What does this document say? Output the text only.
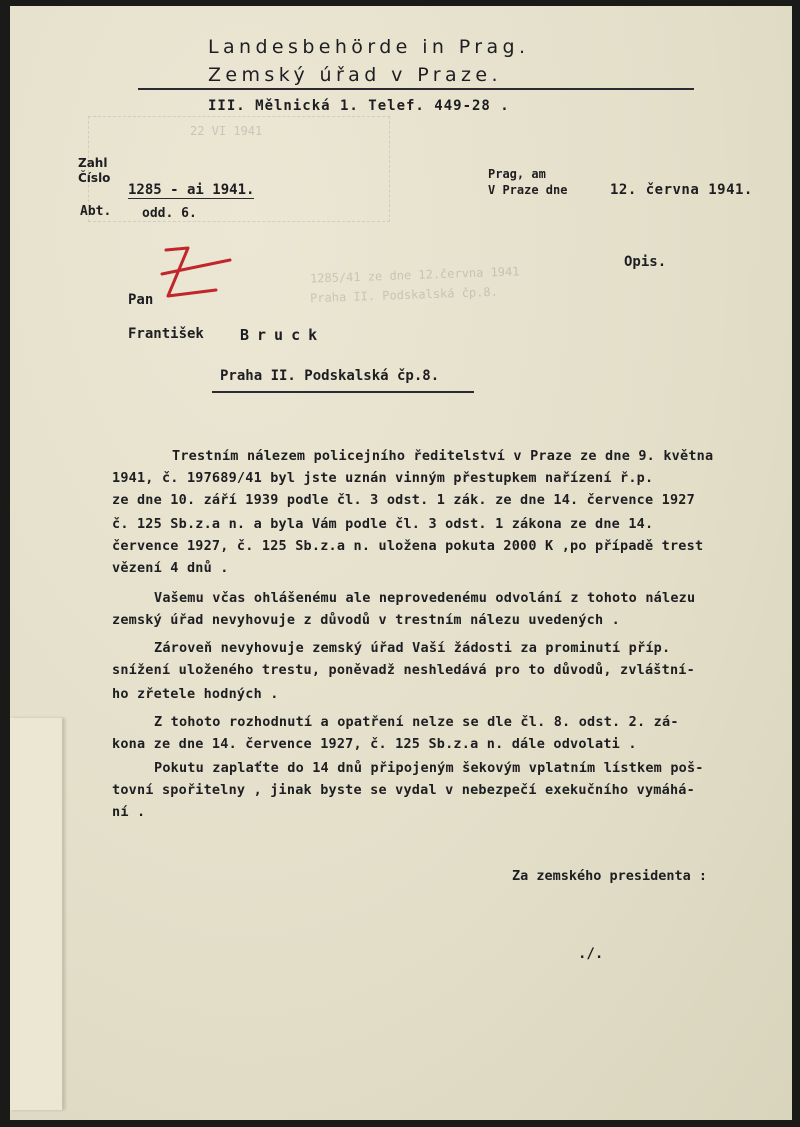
22 VI 1941
1285/41 ze dne 12.června 1941
Praha II. Podskalská čp.8.
Landesbehörde in Prag.
Zemský úřad v Praze.
III. Mělnická 1. Telef. 449-28 .
Zahl
Číslo
1285 - ai 1941.
Abt. odd. 6.
Prag, am
V Praze dne	12. června 1941.
Opis.
Pan
František Bruck
Praha II. Podskalská čp.8.
Trestním nálezem policejního ředitelství v Praze ze dne 9. května
1941, č. 197689/41 byl jste uznán vinným přestupkem nařízení ř.p.
ze dne 10. září 1939 podle čl. 3 odst. 1 zák. ze dne 14. července 1927
č. 125 Sb.z.a n. a byla Vám podle čl. 3 odst. 1 zákona ze dne 14.
července 1927, č. 125 Sb.z.a n. uložena pokuta 2000 K ,po případě trest
vězení 4 dnů .
Vašemu včas ohlášenému ale neprovedenému odvolání z tohoto nálezu
zemský úřad nevyhovuje z důvodů v trestním nálezu uvedených .
Zároveň nevyhovuje zemský úřad Vaší žádosti za prominutí příp.
snížení uloženého trestu, poněvadž neshledává pro to důvodů, zvláštní-
ho zřetele hodných .
Z tohoto rozhodnutí a opatření nelze se dle čl. 8. odst. 2. zá-
kona ze dne 14. července 1927, č. 125 Sb.z.a n. dále odvolati .
Pokutu zaplaťte do 14 dnů připojeným šekovým vplatním lístkem poš-
tovní spořitelny , jinak byste se vydal v nebezpečí exekučního vymáhá-
ní .
Za zemského presidenta :
./.
